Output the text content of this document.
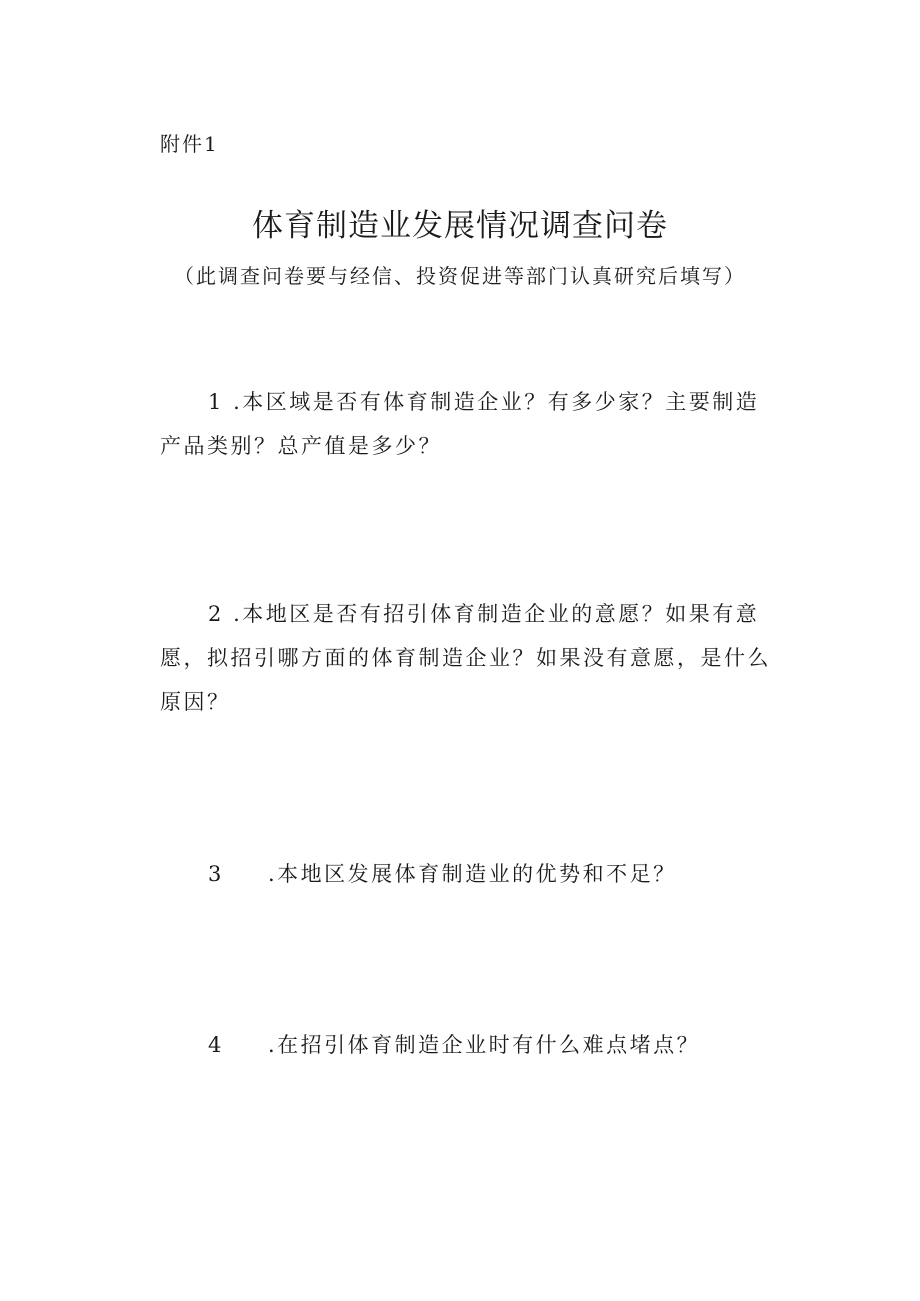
附件1
体育制造业发展情况调查问卷
（此调查问卷要与经信、投资促进等部门认真研究后填写）
1 .本区域是否有体育制造企业？有多少家？主要制造
产品类别？总产值是多少？
2 .本地区是否有招引体育制造企业的意愿？如果有意
愿，拟招引哪方面的体育制造企业？如果没有意愿，是什么
原因？
3 .本地区发展体育制造业的优势和不足？
4 .在招引体育制造企业时有什么难点堵点？
